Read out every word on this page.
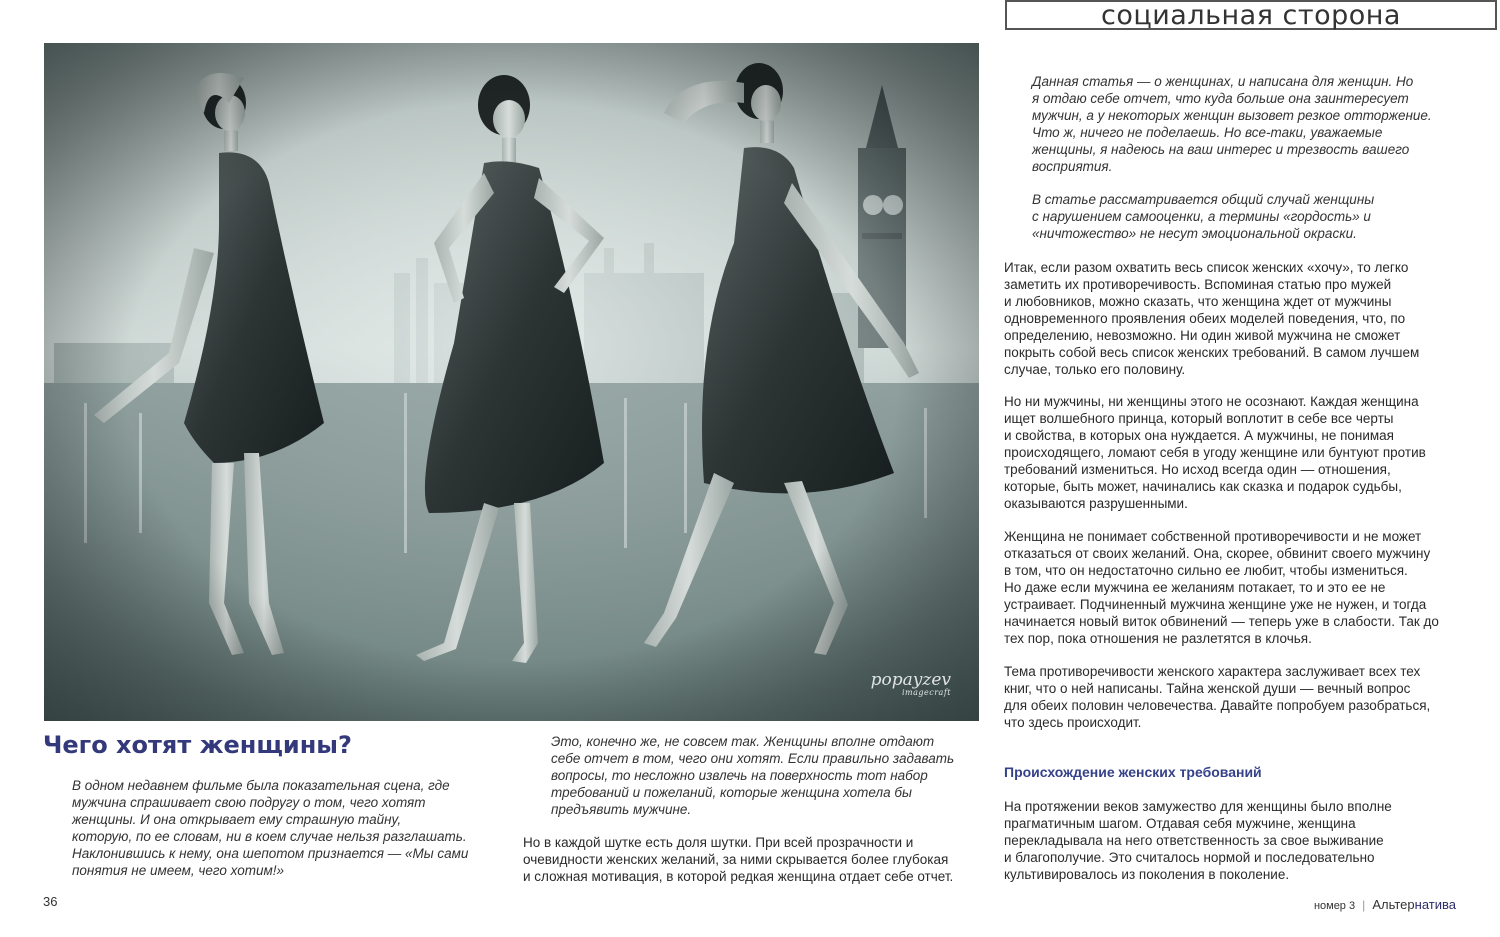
социальная сторона
popayzev
imagecraft
Чего хотят женщины?
В одном недавнем фильме была показательная сцена, где
мужчина спрашивает свою подругу о том, чего хотят
женщины. И она открывает ему страшную тайну,
которую, по ее словам, ни в коем случае нельзя разглашать.
Наклонившись к нему, она шепотом признается — «Мы сами
понятия не имеем, чего хотим!»
Это, конечно же, не совсем так. Женщины вполне отдают
себе отчет в том, чего они хотят. Если правильно задавать
вопросы, то несложно извлечь на поверхность тот набор
требований и пожеланий, которые женщина хотела бы
предъявить мужчине.
Но в каждой шутке есть доля шутки. При всей прозрачности и
очевидности женских желаний, за ними скрывается более глубокая
и сложная мотивация, в которой редкая женщина отдает себе отчет.
Данная статья — о женщинах, и написана для женщин. Но
я отдаю себе отчет, что куда больше она заинтересует
мужчин, а у некоторых женщин вызовет резкое отторжение.
Что ж, ничего не поделаешь. Но все-таки, уважаемые
женщины, я надеюсь на ваш интерес и трезвость вашего
восприятия.
В статье рассматривается общий случай женщины
с нарушением самооценки, а термины «гордость» и
«ничтожество» не несут эмоциональной окраски.
Итак, если разом охватить весь список женских «хочу», то легко
заметить их противоречивость. Вспоминая статью про мужей
и любовников, можно сказать, что женщина ждет от мужчины
одновременного проявления обеих моделей поведения, что, по
определению, невозможно. Ни один живой мужчина не сможет
покрыть собой весь список женских требований. В самом лучшем
случае, только его половину.
Но ни мужчины, ни женщины этого не осознают. Каждая женщина
ищет волшебного принца, который воплотит в себе все черты
и свойства, в которых она нуждается. А мужчины, не понимая
происходящего, ломают себя в угоду женщине или бунтуют против
требований измениться. Но исход всегда один — отношения,
которые, быть может, начинались как сказка и подарок судьбы,
оказываются разрушенными.
Женщина не понимает собственной противоречивости и не может
отказаться от своих желаний. Она, скорее, обвинит своего мужчину
в том, что он недостаточно сильно ее любит, чтобы измениться.
Но даже если мужчина ее желаниям потакает, то и это ее не
устраивает. Подчиненный мужчина женщине уже не нужен, и тогда
начинается новый виток обвинений — теперь уже в слабости. Так до
тех пор, пока отношения не разлетятся в клочья.
Тема противоречивости женского характера заслуживает всех тех
книг, что о ней написаны. Тайна женской души — вечный вопрос
для обеих половин человечества. Давайте попробуем разобраться,
что здесь происходит.
Происхождение женских требований
На протяжении веков замужество для женщины было вполне
прагматичным шагом. Отдавая себя мужчине, женщина
перекладывала на него ответственность за свое выживание
и благополучие. Это считалось нормой и последовательно
культивировалось из поколения в поколение.
36	номер 3 | Альтернатива
